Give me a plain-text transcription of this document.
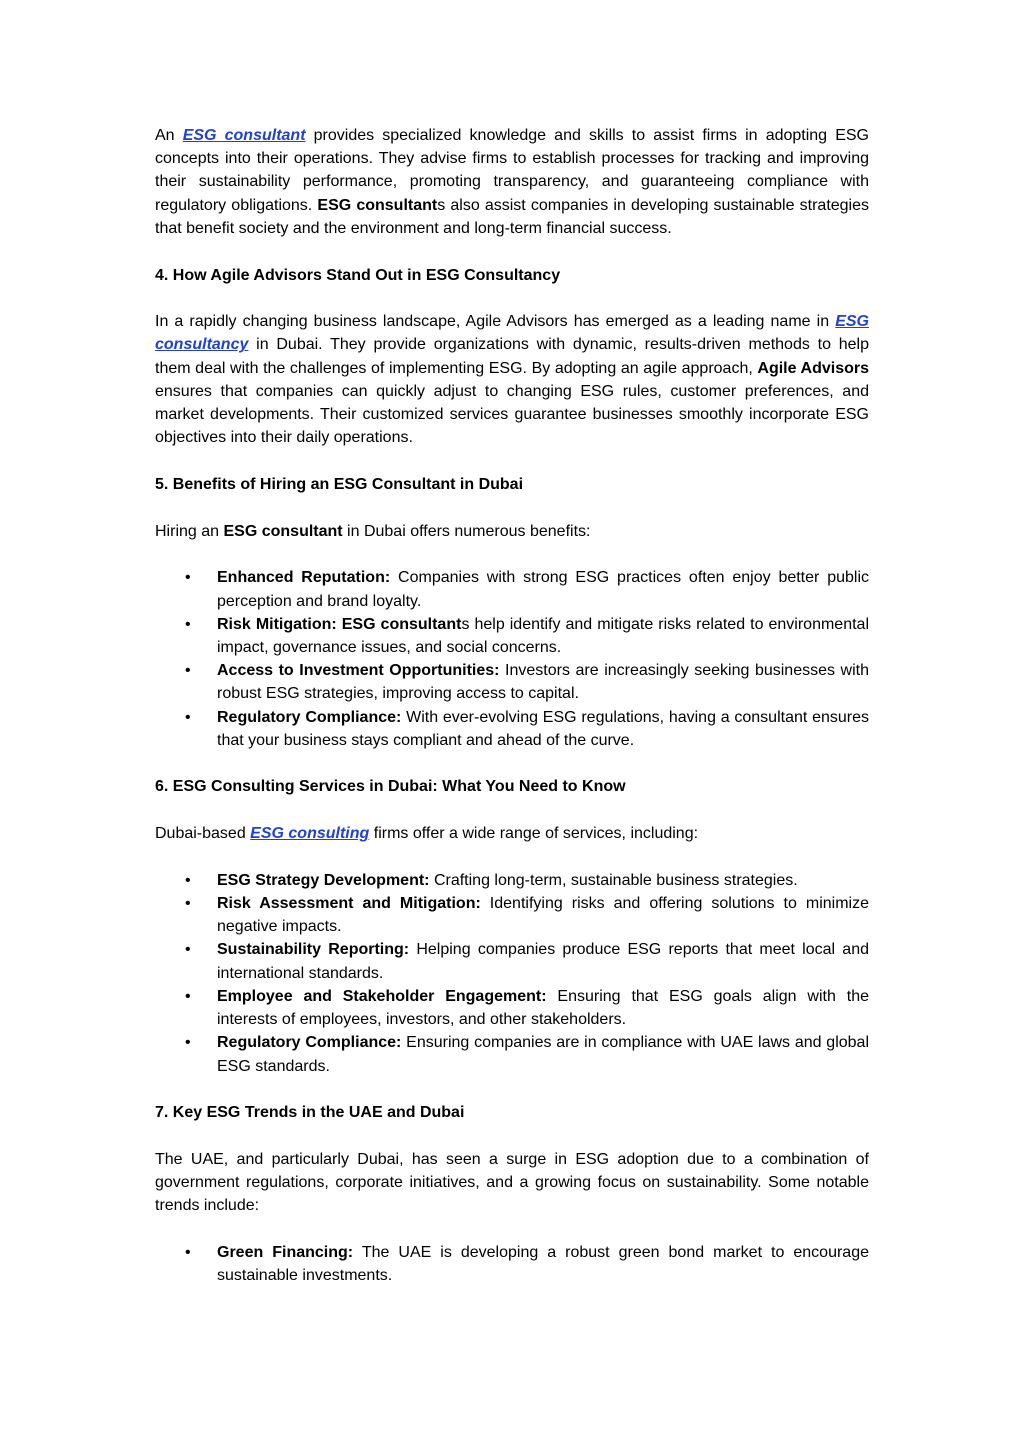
An ESG consultant provides specialized knowledge and skills to assist firms in adopting ESG concepts into their operations. They advise firms to establish processes for tracking and improving their sustainability performance, promoting transparency, and guaranteeing compliance with regulatory obligations. ESG consultants also assist companies in developing sustainable strategies that benefit society and the environment and long-term financial success.

4. How Agile Advisors Stand Out in ESG Consultancy

In a rapidly changing business landscape, Agile Advisors has emerged as a leading name in ESG consultancy in Dubai. They provide organizations with dynamic, results-driven methods to help them deal with the challenges of implementing ESG. By adopting an agile approach, Agile Advisors ensures that companies can quickly adjust to changing ESG rules, customer preferences, and market developments. Their customized services guarantee businesses smoothly incorporate ESG objectives into their daily operations.

5. Benefits of Hiring an ESG Consultant in Dubai

Hiring an ESG consultant in Dubai offers numerous benefits:

• Enhanced Reputation: Companies with strong ESG practices often enjoy better public perception and brand loyalty.
• Risk Mitigation: ESG consultants help identify and mitigate risks related to environmental impact, governance issues, and social concerns.
• Access to Investment Opportunities: Investors are increasingly seeking businesses with robust ESG strategies, improving access to capital.
• Regulatory Compliance: With ever-evolving ESG regulations, having a consultant ensures that your business stays compliant and ahead of the curve.
6. ESG Consulting Services in Dubai: What You Need to Know

Dubai-based ESG consulting firms offer a wide range of services, including:

• ESG Strategy Development: Crafting long-term, sustainable business strategies.
• Risk Assessment and Mitigation: Identifying risks and offering solutions to minimize negative impacts.
• Sustainability Reporting: Helping companies produce ESG reports that meet local and international standards.
• Employee and Stakeholder Engagement: Ensuring that ESG goals align with the interests of employees, investors, and other stakeholders.
• Regulatory Compliance: Ensuring companies are in compliance with UAE laws and global ESG standards.
7. Key ESG Trends in the UAE and Dubai

The UAE, and particularly Dubai, has seen a surge in ESG adoption due to a combination of government regulations, corporate initiatives, and a growing focus on sustainability. Some notable trends include:

• Green Financing: The UAE is developing a robust green bond market to encourage sustainable investments.
